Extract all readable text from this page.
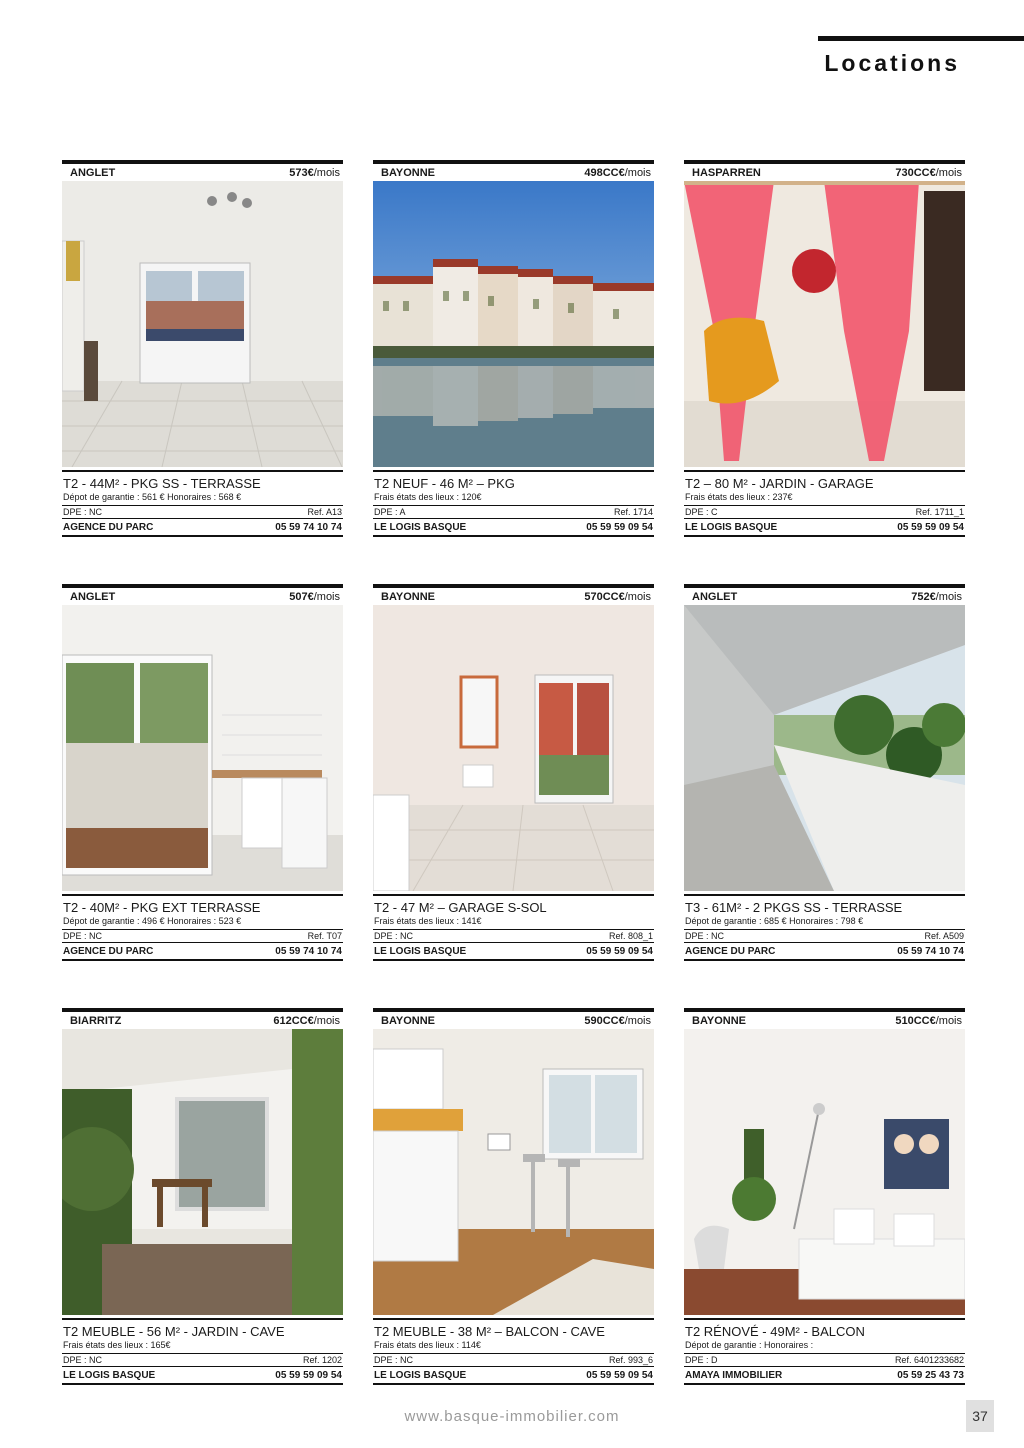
Locations
ANGLET	573€/mois
T2 - 44M² - PKG SS - TERRASSE
Dépot de garantie : 561 € Honoraires : 568 €
DPE : NC	Ref. A13
AGENCE DU PARC	05 59 74 10 74
BAYONNE	498CC€/mois
T2 NEUF - 46 M² – PKG
Frais états des lieux : 120€
DPE : A	Ref. 1714
LE LOGIS BASQUE	05 59 59 09 54
HASPARREN	730CC€/mois
T2 – 80 M² - JARDIN - GARAGE
Frais états des lieux : 237€
DPE : C	Ref. 1711_1
LE LOGIS BASQUE	05 59 59 09 54
ANGLET	507€/mois
T2 - 40M² - PKG EXT TERRASSE
Dépot de garantie : 496 € Honoraires : 523 €
DPE : NC	Ref. T07
AGENCE DU PARC	05 59 74 10 74
BAYONNE	570CC€/mois
T2 - 47 M² – GARAGE S-SOL
Frais états des lieux : 141€
DPE : NC	Ref. 808_1
LE LOGIS BASQUE	05 59 59 09 54
ANGLET	752€/mois
T3 - 61M² - 2 PKGS SS - TERRASSE
Dépot de garantie : 685 € Honoraires : 798 €
DPE : NC	Ref. A509
AGENCE DU PARC	05 59 74 10 74
BIARRITZ	612CC€/mois
T2 MEUBLE - 56 M² - JARDIN - CAVE
Frais états des lieux : 165€
DPE : NC	Ref. 1202
LE LOGIS BASQUE	05 59 59 09 54
BAYONNE	590CC€/mois
T2 MEUBLE - 38 M² – BALCON - CAVE
Frais états des lieux : 114€
DPE : NC	Ref. 993_6
LE LOGIS BASQUE	05 59 59 09 54
BAYONNE	510CC€/mois
T2 RÉNOVÉ - 49M² - BALCON
Dépot de garantie : Honoraires :
DPE : D	Ref. 6401233682
AMAYA IMMOBILIER	05 59 25 43 73
www.basque-immobilier.com	37
